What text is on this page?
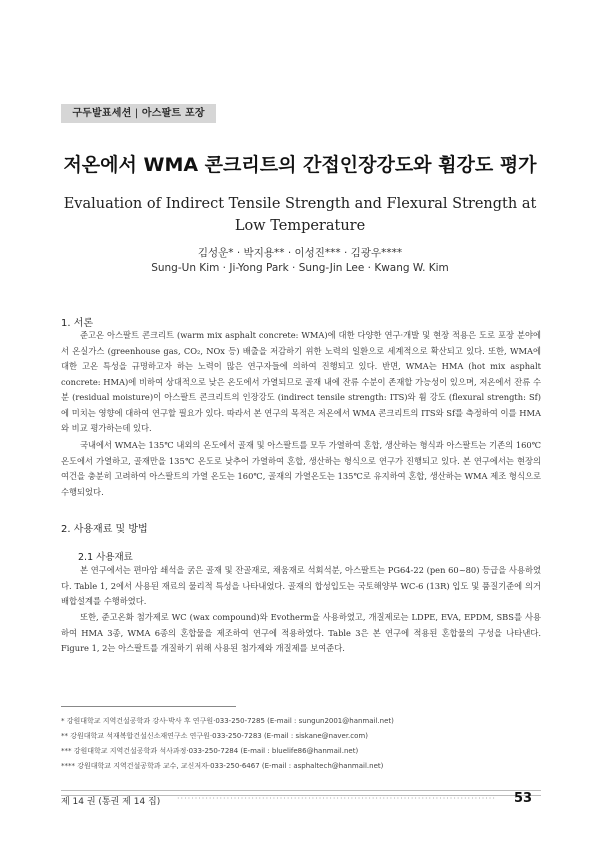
구두발표세션 | 아스팔트 포장
저온에서 WMA 콘크리트의 간접인장강도와 휨강도 평가
Evaluation of Indirect Tensile Strength and Flexural Strength at Low Temperature
김성운* · 박지용** · 이성진*** · 김광우****
Sung-Un Kim · Ji-Yong Park · Sung-Jin Lee · Kwang W. Kim
1. 서론

준고온 아스팔트 콘크리트 (warm mix asphalt concrete: WMA)에 대한 다양한 연구·개발 및 현장 적용은 도로 포장 분야에서 온실가스 (greenhouse gas, CO₂, NOx 등) 배출을 저감하기 위한 노력의 일환으로 세계적으로 확산되고 있다. 또한, WMA에 대한 고온 특성을 규명하고자 하는 노력이 많은 연구자들에 의하여 진행되고 있다. 반면, WMA는 HMA (hot mix asphalt concrete: HMA)에 비하여 상대적으로 낮은 온도에서 가열되므로 골재 내에 잔류 수분이 존재할 가능성이 있으며, 저온에서 잔류 수분 (residual moisture)이 아스팔트 콘크리트의 인장강도 (indirect tensile strength: ITS)와 휨 강도 (flexural strength: Sf)에 미치는 영향에 대하여 연구할 필요가 있다. 따라서 본 연구의 목적은 저온에서 WMA 콘크리트의 ITS와 Sf를 측정하여 이를 HMA와 비교 평가하는데 있다.

국내에서 WMA는 135℃ 내외의 온도에서 골재 및 아스팔트를 모두 가열하여 혼합, 생산하는 형식과 아스팔트는 기존의 160℃ 온도에서 가열하고, 골재만을 135℃ 온도로 낮추어 가열하여 혼합, 생산하는 형식으로 연구가 진행되고 있다. 본 연구에서는 현장의 여건을 충분히 고려하여 아스팔트의 가열 온도는 160℃, 골재의 가열온도는 135℃로 유지하여 혼합, 생산하는 WMA 제조 형식으로 수행되었다.

2. 사용재료 및 방법
2.1 사용재료

본 연구에서는 편마암 쇄석을 굵은 골재 및 잔골재로, 채움재로 석회석분, 아스팔트는 PG64-22 (pen 60~80) 등급을 사용하였다. Table 1, 2에서 사용된 재료의 물리적 특성을 나타내었다. 골재의 합성입도는 국토해양부 WC-6 (13R) 입도 및 품질기준에 의거 배합설계를 수행하였다.

또한, 준고온화 첨가제로 WC (wax compound)와 Evotherm을 사용하였고, 개질제로는 LDPE, EVA, EPDM, SBS를 사용하여 HMA 3종, WMA 6종의 혼합물을 제조하여 연구에 적용하였다. Table 3은 본 연구에 적용된 혼합물의 구성을 나타낸다. Figure 1, 2는 아스팔트를 개질하기 위해 사용된 첨가제와 개질제를 보여준다.

* 강원대학교 지역건설공학과 강사·박사 후 연구원·033-250-7285 (E-mail : sungun2001@hanmail.net)
** 강원대학교 석재복합건설신소재연구소 연구원·033-250-7283 (E-mail : siskane@naver.com)
*** 강원대학교 지역건설공학과 석사과정·033-250-7284 (E-mail : bluelife86@hanmail.net)
**** 강원대학교 지역건설공학과 교수, 교신저자·033-250-6467 (E-mail : asphaltech@hanmail.net)
제 14 권 (통권 제 14 집) ··························································································	53
